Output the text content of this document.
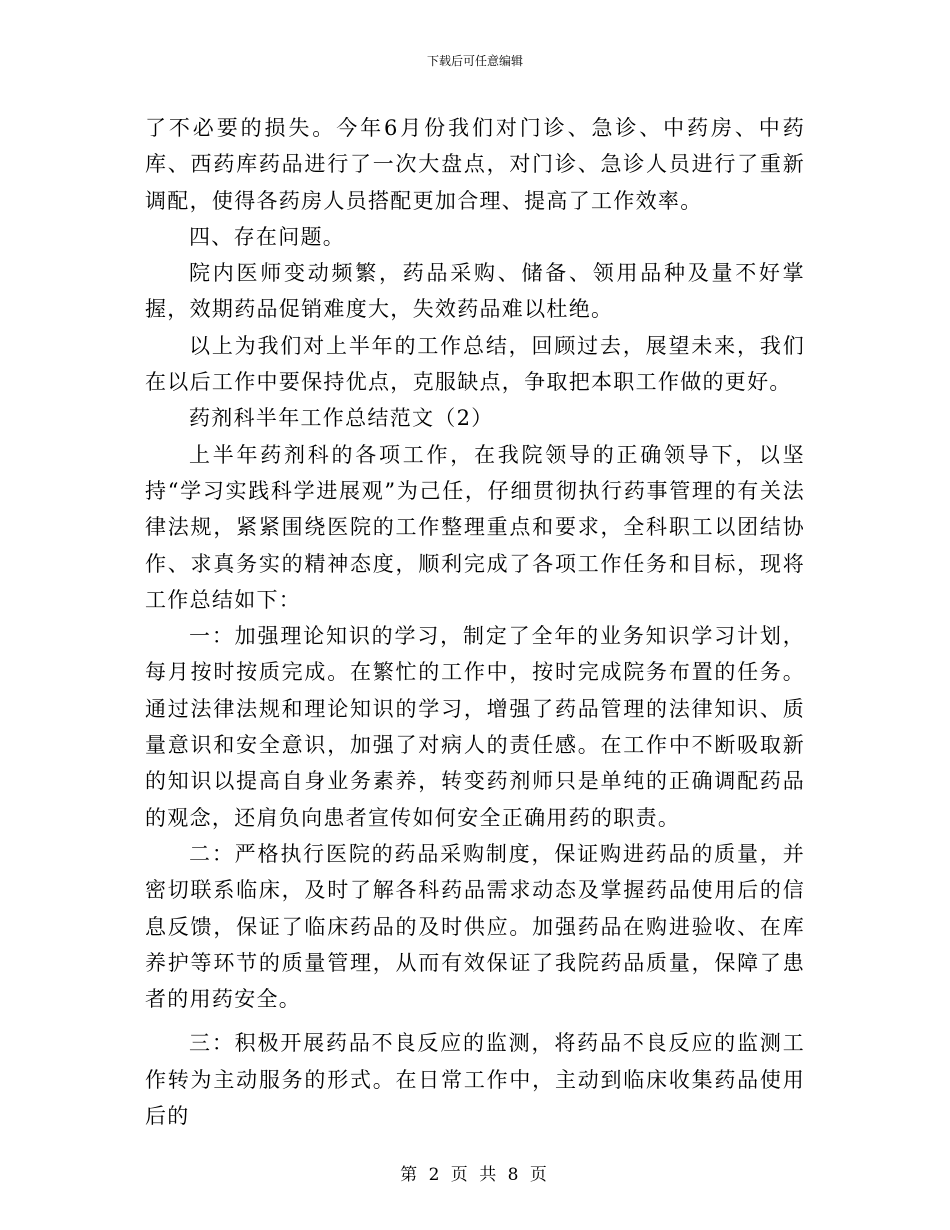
下载后可任意编辑

了不必要的损失。今年6月份我们对门诊、急诊、中药房、中药库、西药库药品进行了一次大盘点，对门诊、急诊人员进行了重新调配，使得各药房人员搭配更加合理、提高了工作效率。

四、存在问题。

院内医师变动频繁，药品采购、储备、领用品种及量不好掌握，效期药品促销难度大，失效药品难以杜绝。

以上为我们对上半年的工作总结，回顾过去，展望未来，我们在以后工作中要保持优点，克服缺点，争取把本职工作做的更好。

药剂科半年工作总结范文（2）

上半年药剂科的各项工作，在我院领导的正确领导下，以坚持“学习实践科学进展观”为己任，仔细贯彻执行药事管理的有关法律法规，紧紧围绕医院的工作整理重点和要求，全科职工以团结协作、求真务实的精神态度，顺利完成了各项工作任务和目标，现将工作总结如下：

一：加强理论知识的学习，制定了全年的业务知识学习计划，每月按时按质完成。在繁忙的工作中，按时完成院务布置的任务。通过法律法规和理论知识的学习，增强了药品管理的法律知识、质量意识和安全意识，加强了对病人的责任感。在工作中不断吸取新的知识以提高自身业务素养，转变药剂师只是单纯的正确调配药品的观念，还肩负向患者宣传如何安全正确用药的职责。

二：严格执行医院的药品采购制度，保证购进药品的质量，并密切联系临床，及时了解各科药品需求动态及掌握药品使用后的信息反馈，保证了临床药品的及时供应。加强药品在购进验收、在库养护等环节的质量管理，从而有效保证了我院药品质量，保障了患者的用药安全。

三：积极开展药品不良反应的监测，将药品不良反应的监测工作转为主动服务的形式。在日常工作中，主动到临床收集药品使用后的

第 2 页 共 8 页
